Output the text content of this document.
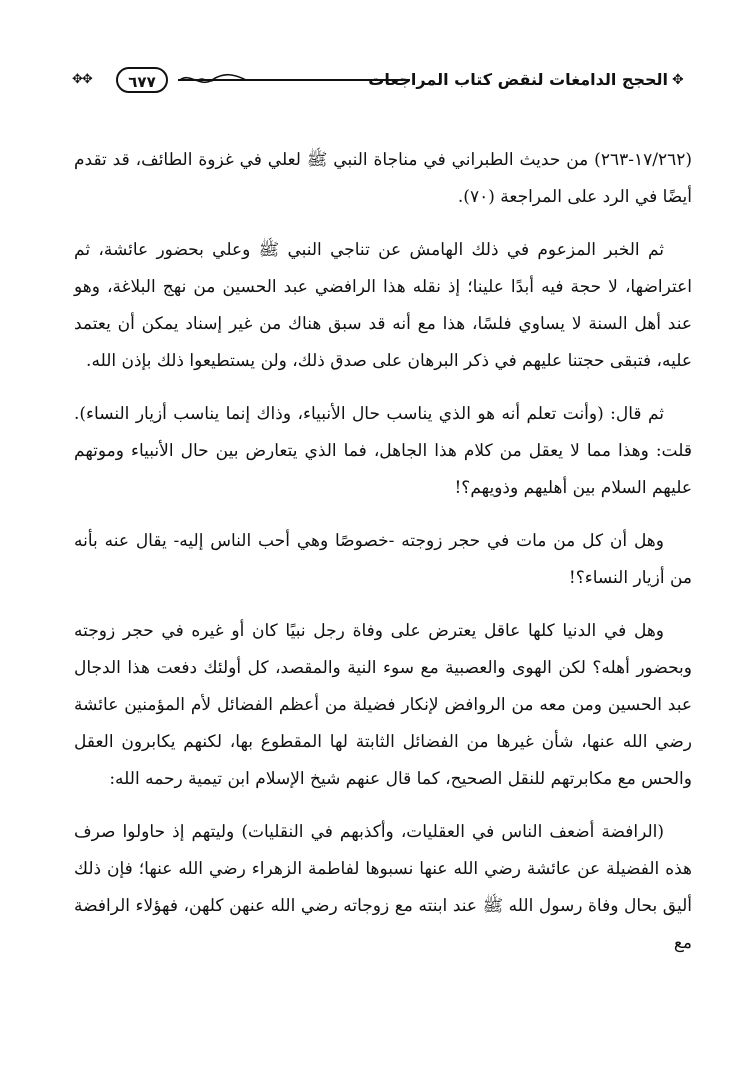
✥✥	٦٧٧	الحجج الدامغات لنقض كتاب المراجعات ✥

(١٧/٢٦٢-٢٦٣) من حديث الطبراني في مناجاة النبي ﷺ لعلي في غزوة الطائف، قد تقدم أيضًا في الرد على المراجعة (٧٠).

ثم الخبر المزعوم في ذلك الهامش عن تناجي النبي ﷺ وعلي بحضور عائشة، ثم اعتراضها، لا حجة فيه أبدًا علينا؛ إذ نقله هذا الرافضي عبد الحسين من نهج البلاغة، وهو عند أهل السنة لا يساوي فلسًا، هذا مع أنه قد سبق هناك من غير إسناد يمكن أن يعتمد عليه، فتبقى حجتنا عليهم في ذكر البرهان على صدق ذلك، ولن يستطيعوا ذلك بإذن الله.

ثم قال: (وأنت تعلم أنه هو الذي يناسب حال الأنبياء، وذاك إنما يناسب أزيار النساء). قلت: وهذا مما لا يعقل من كلام هذا الجاهل، فما الذي يتعارض بين حال الأنبياء وموتهم عليهم السلام بين أهليهم وذويهم؟!

وهل أن كل من مات في حجر زوجته -خصوصًا وهي أحب الناس إليه- يقال عنه بأنه من أزيار النساء؟!

وهل في الدنيا كلها عاقل يعترض على وفاة رجل نبيًا كان أو غيره في حجر زوجته وبحضور أهله؟ لكن الهوى والعصبية مع سوء النية والمقصد، كل أولئك دفعت هذا الدجال عبد الحسين ومن معه من الروافض لإنكار فضيلة من أعظم الفضائل لأم المؤمنين عائشة رضي الله عنها، شأن غيرها من الفضائل الثابتة لها المقطوع بها، لكنهم يكابرون العقل والحس مع مكابرتهم للنقل الصحيح، كما قال عنهم شيخ الإسلام ابن تيمية رحمه الله:

(الرافضة أضعف الناس في العقليات، وأكذبهم في النقليات) وليتهم إذ حاولوا صرف هذه الفضيلة عن عائشة رضي الله عنها نسبوها لفاطمة الزهراء رضي الله عنها؛ فإن ذلك أليق بحال وفاة رسول الله ﷺ عند ابنته مع زوجاته رضي الله عنهن كلهن، فهؤلاء الرافضة مع
